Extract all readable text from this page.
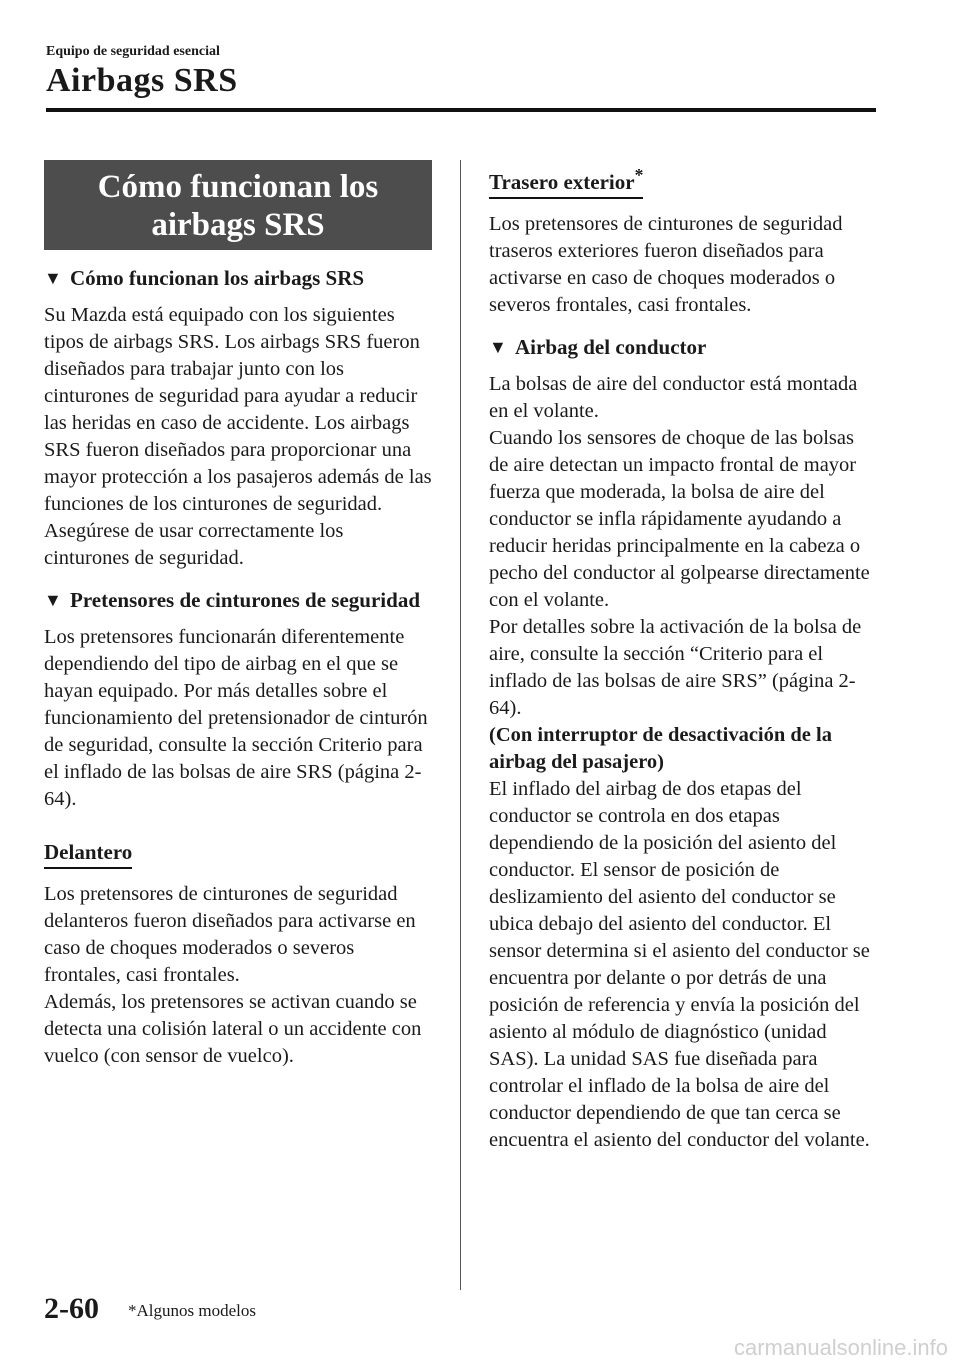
Equipo de seguridad esencial
Airbags SRS
Cómo funcionan los airbags SRS
▼ Cómo funcionan los airbags SRS

Su Mazda está equipado con los siguientes tipos de airbags SRS. Los airbags SRS fueron diseñados para trabajar junto con los cinturones de seguridad para ayudar a reducir las heridas en caso de accidente. Los airbags SRS fueron diseñados para proporcionar una mayor protección a los pasajeros además de las funciones de los cinturones de seguridad. Asegúrese de usar correctamente los cinturones de seguridad.

▼ Pretensores de cinturones de seguridad

Los pretensores funcionarán diferentemente dependiendo del tipo de airbag en el que se hayan equipado. Por más detalles sobre el funcionamiento del pretensionador de cinturón de seguridad, consulte la sección Criterio para el inflado de las bolsas de aire SRS (página 2-64).

Delantero

Los pretensores de cinturones de seguridad delanteros fueron diseñados para activarse en caso de choques moderados o severos frontales, casi frontales.

Además, los pretensores se activan cuando se detecta una colisión lateral o un accidente con vuelco (con sensor de vuelco).

Trasero exterior*

Los pretensores de cinturones de seguridad traseros exteriores fueron diseñados para activarse en caso de choques moderados o severos frontales, casi frontales.

▼ Airbag del conductor

La bolsas de aire del conductor está montada en el volante.

Cuando los sensores de choque de las bolsas de aire detectan un impacto frontal de mayor fuerza que moderada, la bolsa de aire del conductor se infla rápidamente ayudando a reducir heridas principalmente en la cabeza o pecho del conductor al golpearse directamente con el volante.

Por detalles sobre la activación de la bolsa de aire, consulte la sección “Criterio para el inflado de las bolsas de aire SRS” (página 2-64).

(Con interruptor de desactivación de la airbag del pasajero)

El inflado del airbag de dos etapas del conductor se controla en dos etapas dependiendo de la posición del asiento del conductor. El sensor de posición de deslizamiento del asiento del conductor se ubica debajo del asiento del conductor. El sensor determina si el asiento del conductor se encuentra por delante o por detrás de una posición de referencia y envía la posición del asiento al módulo de diagnóstico (unidad SAS). La unidad SAS fue diseñada para controlar el inflado de la bolsa de aire del conductor dependiendo de que tan cerca se encuentra el asiento del conductor del volante.

2-60 *Algunos modelos
carmanualsonline.info
